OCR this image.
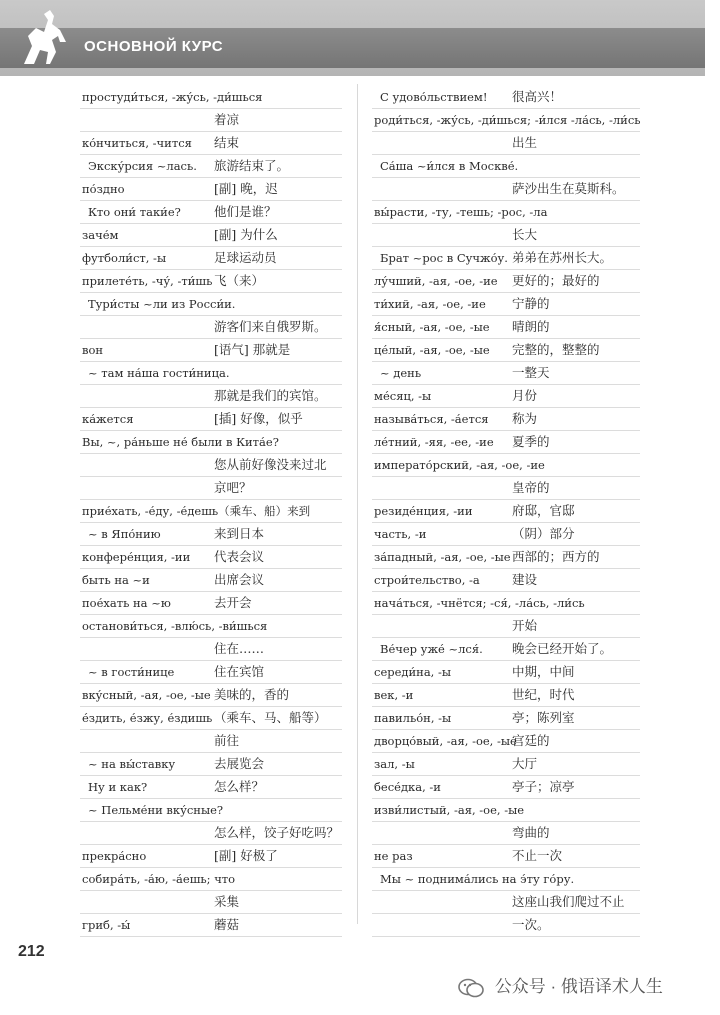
ОСНОВНОЙ КУРС
простуди́ться, -жу́сь, -ди́шься
着凉
ко́нчиться, -чится 结束
Экску́рсия ~лась. 旅游结束了。
по́здно	[副] 晚，迟
Кто они́ таки́е?	他们是谁？
заче́м	[副] 为什么
футболи́ст, -ы	足球运动员
прилете́ть, -чу́, -ти́шь 飞（来）
Тури́сты ~ли из Росси́и.
游客们来自俄罗斯。
вон	[语气] 那就是
~ там на́ша гости́ница.
那就是我们的宾馆。
ка́жется	[插] 好像，似乎
Вы, ~, ра́ньше не́ были в Кита́е?
您从前好像没来过北
京吧？
прие́хать, -е́ду, -е́дешь（乘车、船）来到
~ в Япо́нию	来到日本
конфере́нция, -ии 代表会议
быть на ~и	出席会议
пое́хать на ~ю	去开会
останови́ться, -влю́сь, -ви́шься
住在……
~ в гости́нице	住在宾馆
вку́сный, -ая, -ое, -ые 美味的，香的
е́здить, е́зжу, е́здишь （乘车、马、船等）
前往
~ на вы́ставку	去展览会
Ну и как?	怎么样？
~ Пельме́ни вку́сные?
怎么样，饺子好吃吗？
прекра́сно	[副] 好极了
собира́ть, -а́ю, -а́ешь; что
采集
гриб, -ы́	蘑菇
С удово́льствием! 很高兴！
роди́ться, -жу́сь, -ди́шься; -и́лся -ла́сь, -ли́сь
出生
Са́ша ~и́лся в Москве́.
萨沙出生在莫斯科。
вы́расти, -ту, -тешь; -рос, -ла
长大
Брат ~рос в Сучжо́у. 弟弟在苏州长大。
лу́чший, -ая, -ое, -ие 更好的；最好的
ти́хий, -ая, -ое, -ие 宁静的
я́сный, -ая, -ое, -ые 晴朗的
це́лый, -ая, -ое, -ые 完整的，整整的
~ день	一整天
ме́сяц, -ы	月份
называ́ться, -а́ется 称为
ле́тний, -яя, -ее, -ие 夏季的
императо́рский, -ая, -ое, -ие
皇帝的
резиде́нция, -ии	府邸，官邸
часть, -и	（阴）部分
за́падный, -ая, -ое, -ые 西部的；西方的
строи́тельство, -а	建设
нача́ться, -чнётся; -ся́, -ла́сь, -ли́сь
开始
Ве́чер уже́ ~лся́. 晚会已经开始了。
середи́на, -ы	中期，中间
век, -и	世纪，时代
павильо́н, -ы	亭；陈列室
дворцо́вый, -ая, -ое, -ые
宫廷的
зал, -ы	大厅
бесе́дка, -и	亭子；凉亭
изви́листый, -ая, -ое, -ые
弯曲的
не раз	不止一次
Мы ~ поднима́лись на э́ту го́ру.
这座山我们爬过不止
一次。
212
公众号 · 俄语译术人生
